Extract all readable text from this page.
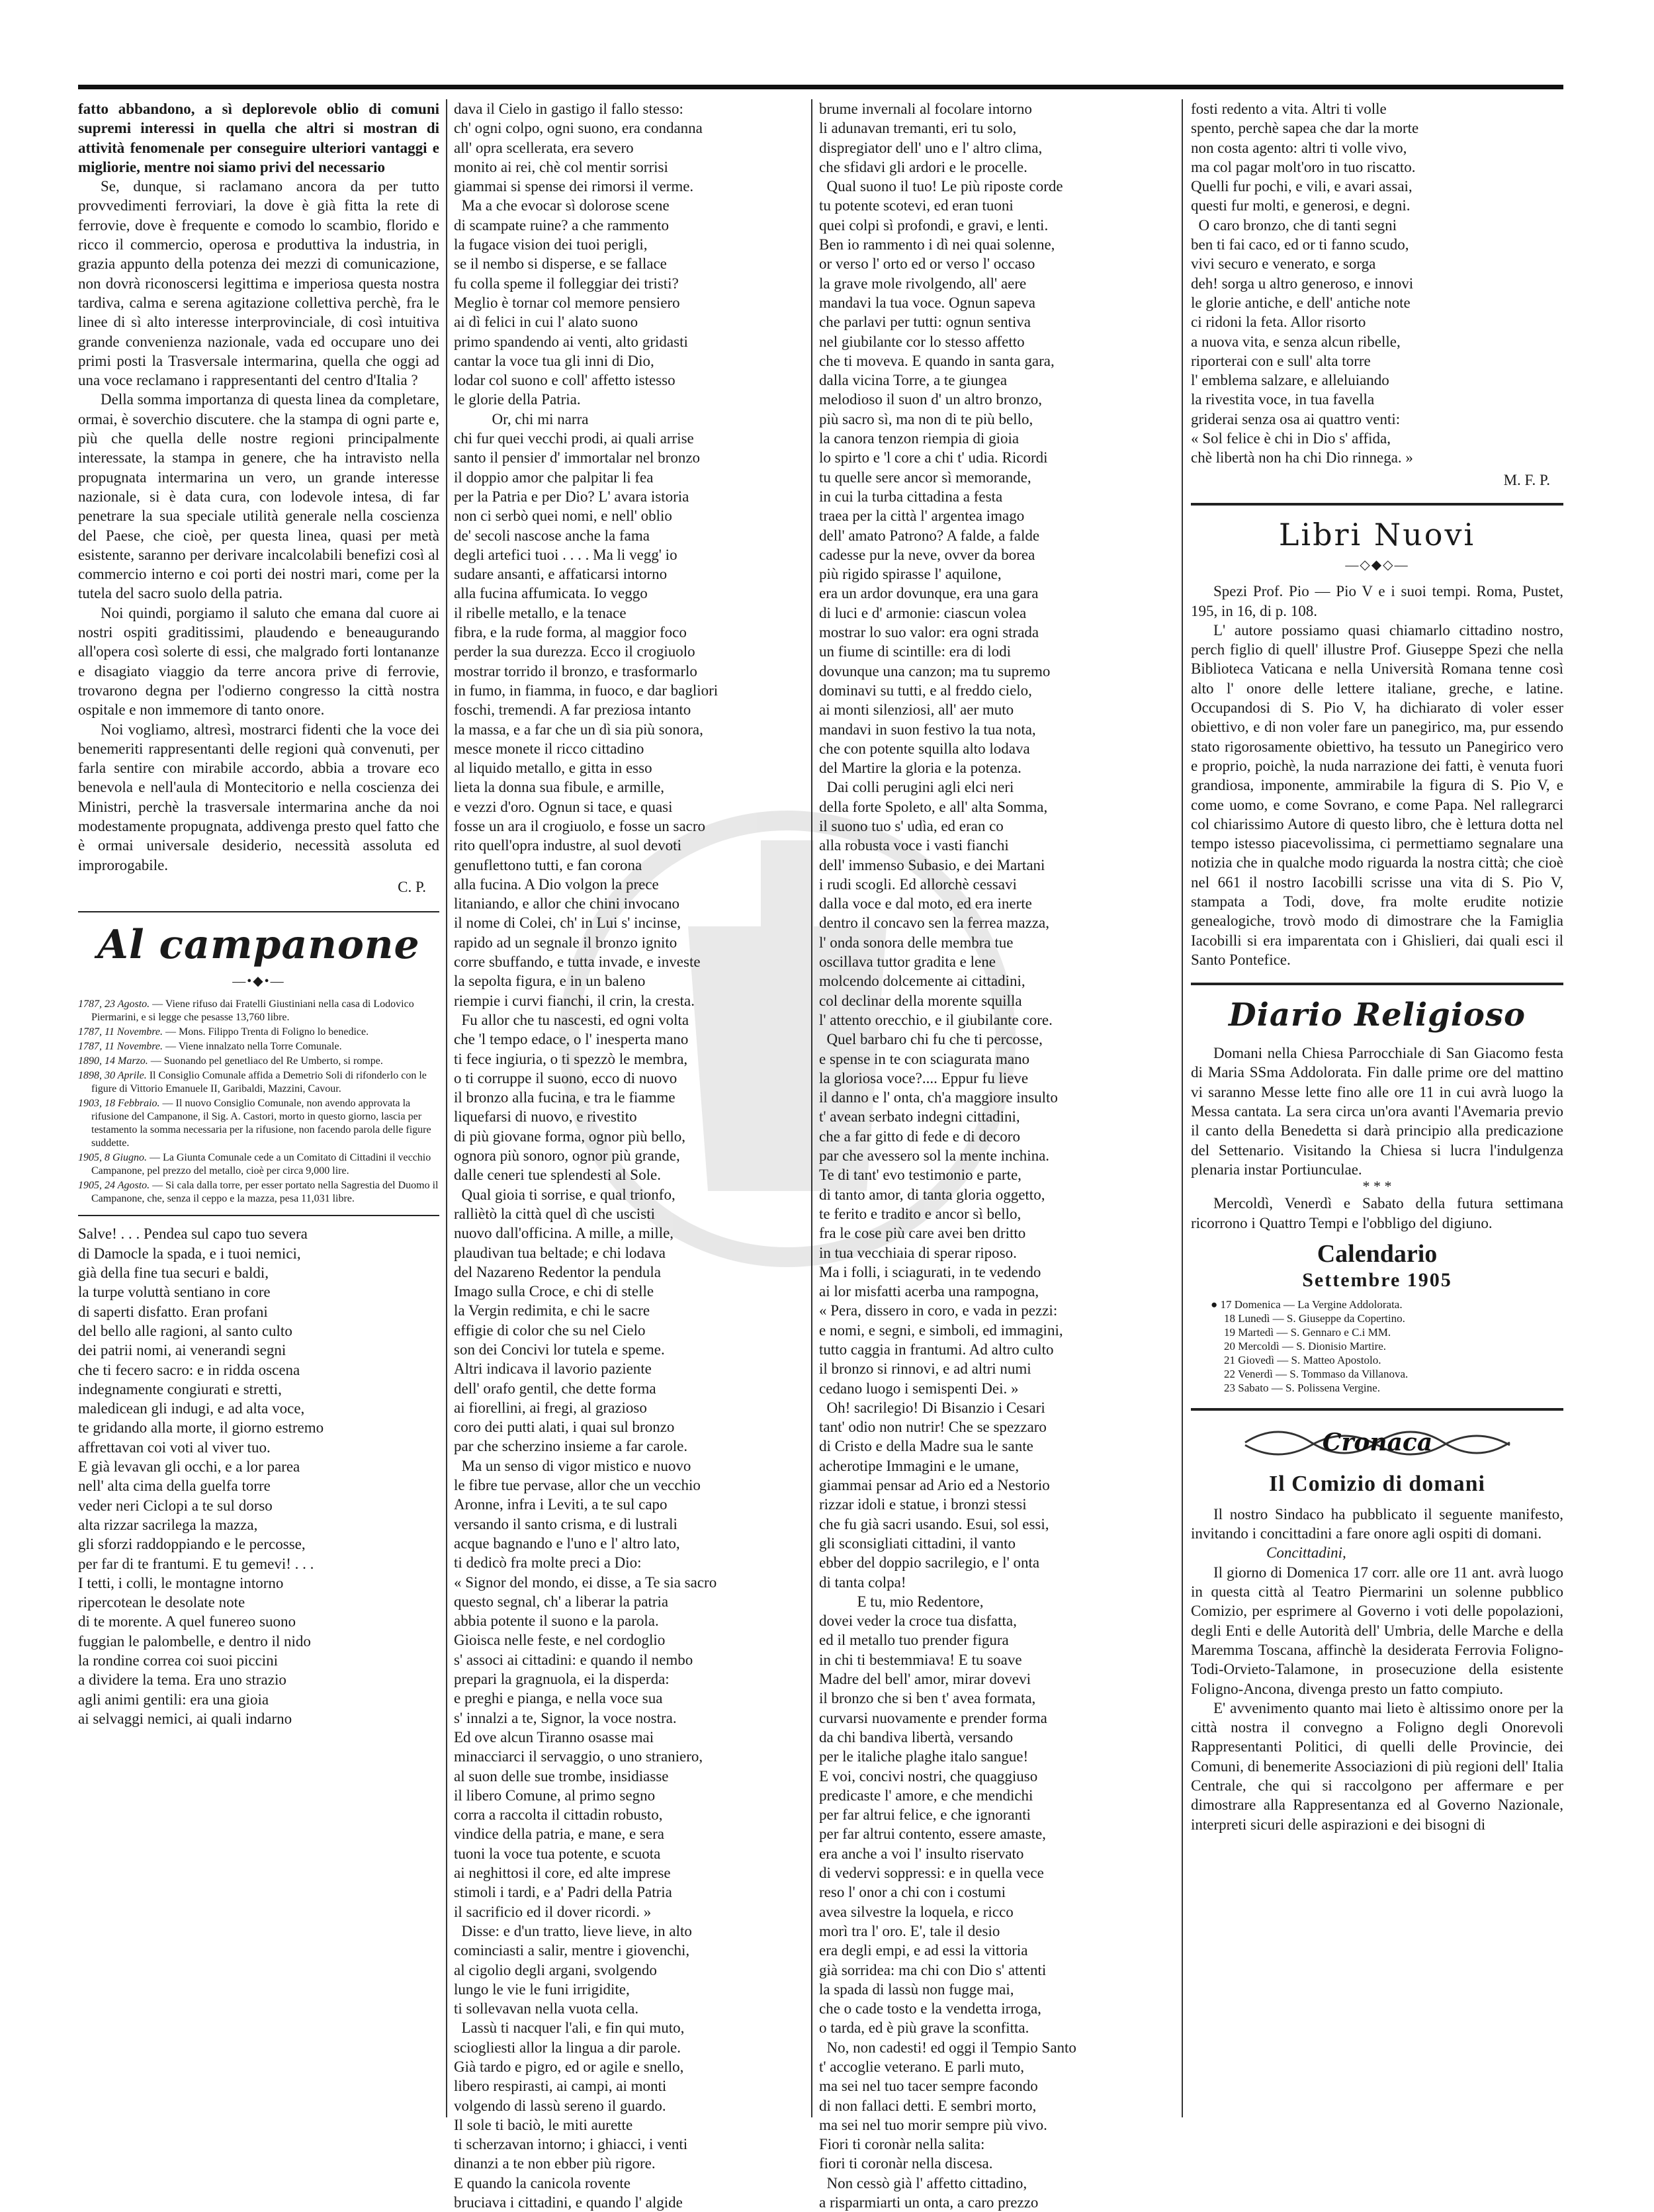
fatto abbandono, a sì deplorevole oblio di comuni supremi interessi in quella che altri si mostran di attività fenomenale per conseguire ulteriori vantaggi e migliorie, mentre noi siamo privi del necessario

Se, dunque, si raclamano ancora da per tutto provvedimenti ferroviari, la dove è già fitta la rete di ferrovie, dove è frequente e comodo lo scambio, florido e ricco il commercio, operosa e produttiva la industria, in grazia appunto della potenza dei mezzi di comunicazione, non dovrà riconoscersi legittima e imperiosa questa nostra tardiva, calma e serena agitazione collettiva perchè, fra le linee di sì alto interesse interprovinciale, di così intuitiva grande convenienza nazionale, vada ed occupare uno dei primi posti la Trasversale intermarina, quella che oggi ad una voce reclamano i rappresentanti del centro d'Italia ?

Della somma importanza di questa linea da completare, ormai, è soverchio discutere. che la stampa di ogni parte e, più che quella delle nostre regioni principalmente interessate, la stampa in genere, che ha intravisto nella propugnata intermarina un vero, un grande interesse nazionale, si è data cura, con lodevole intesa, di far penetrare la sua speciale utilità generale nella coscienza del Paese, che cioè, per questa linea, quasi per metà esistente, saranno per derivare incalcolabili benefizi così al commercio interno e coi porti dei nostri mari, come per la tutela del sacro suolo della patria.

Noi quindi, porgiamo il saluto che emana dal cuore ai nostri ospiti graditissimi, plaudendo e beneaugurando all'opera così solerte di essi, che malgrado forti lontananze e disagiato viaggio da terre ancora prive di ferrovie, trovarono degna per l'odierno congresso la città nostra ospitale e non immemore di tanto onore.

Noi vogliamo, altresì, mostrarci fidenti che la voce dei benemeriti rappresentanti delle regioni quà convenuti, per farla sentire con mirabile accordo, abbia a trovare eco benevola e nell'aula di Montecitorio e nella coscienza dei Ministri, perchè la trasversale intermarina anche da noi modestamente propugnata, addivenga presto quel fatto che è ormai universale desiderio, necessità assoluta ed improrogabile.

C. P.
Al campanone
—•◆•—
1787, 23 Agosto. — Viene rifuso dai Fratelli Giustiniani nella casa di Lodovico Piermarini, e si legge che pesasse 13,760 libre.
1787, 11 Novembre. — Mons. Filippo Trenta di Foligno lo benedice.
1787, 11 Novembre. — Viene innalzato nella Torre Comunale.
1890, 14 Marzo. — Suonando pel genetliaco del Re Umberto, si rompe.
1898, 30 Aprile. Il Consiglio Comunale affida a Demetrio Soli di rifonderlo con le figure di Vittorio Emanuele II, Garibaldi, Mazzini, Cavour.
1903, 18 Febbraio. — Il nuovo Consiglio Comunale, non avendo approvata la rifusione del Campanone, il Sig. A. Castori, morto in questo giorno, lascia per testamento la somma necessaria per la rifusione, non facendo parola delle figure suddette.
1905, 8 Giugno. — La Giunta Comunale cede a un Comitato di Cittadini il vecchio Campanone, pel prezzo del metallo, cioè per circa 9,000 lire.
1905, 24 Agosto. — Si cala dalla torre, per esser portato nella Sagrestia del Duomo il Campanone, che, senza il ceppo e la mazza, pesa 11,031 libre.

Salve! . . . Pendea sul capo tuo severa

di Damocle la spada, e i tuoi nemici,

già della fine tua securi e baldi,

la turpe voluttà sentiano in core

di saperti disfatto. Eran profani

del bello alle ragioni, al santo culto

dei patrii nomi, ai venerandi segni

che ti fecero sacro: e in ridda oscena

indegnamente congiurati e stretti,

maledicean gli indugi, e ad alta voce,

te gridando alla morte, il giorno estremo

affrettavan coi voti al viver tuo.

E già levavan gli occhi, e a lor parea

nell' alta cima della guelfa torre

veder neri Ciclopi a te sul dorso

alta rizzar sacrilega la mazza,

gli sforzi raddoppiando e le percosse,

per far di te frantumi. E tu gemevi! . . .

I tetti, i colli, le montagne intorno

ripercotean le desolate note

di te morente. A quel funereo suono

fuggian le palombelle, e dentro il nido

la rondine correa coi suoi piccini

a dividere la tema. Era uno strazio

agli animi gentili: era una gioia

ai selvaggi nemici, ai quali indarno

dava il Cielo in gastigo il fallo stesso:

ch' ogni colpo, ogni suono, era condanna

all' opra scellerata, era severo

monito ai rei, chè col mentir sorrisi

giammai si spense dei rimorsi il verme.

Ma a che evocar sì dolorose scene

di scampate ruine? a che rammento

la fugace vision dei tuoi perigli,

se il nembo si disperse, e se fallace

fu colla speme il folleggiar dei tristi?

Meglio è tornar col memore pensiero

ai dì felici in cui l' alato suono

primo spandendo ai venti, alto gridasti

cantar la voce tua gli inni di Dio,

lodar col suono e coll' affetto istesso

le glorie della Patria.

Or, chi mi narra

chi fur quei vecchi prodi, ai quali arrise

santo il pensier d' immortalar nel bronzo

il doppio amor che palpitar li fea

per la Patria e per Dio? L' avara istoria

non ci serbò quei nomi, e nell' oblio

de' secoli nascose anche la fama

degli artefici tuoi . . . . Ma li vegg' io

sudare ansanti, e affaticarsi intorno

alla fucina affumicata. Io veggo

il ribelle metallo, e la tenace

fibra, e la rude forma, al maggior foco

perder la sua durezza. Ecco il crogiuolo

mostrar torrido il bronzo, e trasformarlo

in fumo, in fiamma, in fuoco, e dar bagliori

foschi, tremendi. A far preziosa intanto

la massa, e a far che un dì sia più sonora,

mesce monete il ricco cittadino

al liquido metallo, e gitta in esso

lieta la donna sua fibule, e armille,

e vezzi d'oro. Ognun si tace, e quasi

fosse un ara il crogiuolo, e fosse un sacro

rito quell'opra industre, al suol devoti

genuflettono tutti, e fan corona

alla fucina. A Dio volgon la prece

litaniando, e allor che chini invocano

il nome di Colei, ch' in Lui s' incinse,

rapido ad un segnale il bronzo ignito

corre sbuffando, e tutta invade, e investe

la sepolta figura, e in un baleno

riempie i curvi fianchi, il crin, la cresta.

Fu allor che tu nascesti, ed ogni volta

che 'l tempo edace, o l' inesperta mano

ti fece ingiuria, o ti spezzò le membra,

o ti corruppe il suono, ecco di nuovo

il bronzo alla fucina, e tra le fiamme

liquefarsi di nuovo, e rivestito

di più giovane forma, ognor più bello,

ognora più sonoro, ognor più grande,

dalle ceneri tue splendesti al Sole.

Qual gioia ti sorrise, e qual trionfo,

ralliètò la città quel dì che uscisti

nuovo dall'officina. A mille, a mille,

plaudivan tua beltade; e chi lodava

del Nazareno Redentor la pendula

Imago sulla Croce, e chi di stelle

la Vergin redimita, e chi le sacre

effigie di color che su nel Cielo

son dei Concivi lor tutela e speme.

Altri indicava il lavorio paziente

dell' orafo gentil, che dette forma

ai fiorellini, ai fregi, al grazioso

coro dei putti alati, i quai sul bronzo

par che scherzino insieme a far carole.

Ma un senso di vigor mistico e nuovo

le fibre tue pervase, allor che un vecchio

Aronne, infra i Leviti, a te sul capo

versando il santo crisma, e di lustrali

acque bagnando e l'uno e l' altro lato,

ti dedicò fra molte preci a Dio:

« Signor del mondo, ei disse, a Te sia sacro

questo segnal, ch' a liberar la patria

abbia potente il suono e la parola.

Gioisca nelle feste, e nel cordoglio

s' associ ai cittadini: e quando il nembo

prepari la gragnuola, ei la disperda:

e preghi e pianga, e nella voce sua

s' innalzi a te, Signor, la voce nostra.

Ed ove alcun Tiranno osasse mai

minacciarci il servaggio, o uno straniero,

al suon delle sue trombe, insidiasse

il libero Comune, al primo segno

corra a raccolta il cittadin robusto,

vindice della patria, e mane, e sera

tuoni la voce tua potente, e scuota

ai neghittosi il core, ed alte imprese

stimoli i tardi, e a' Padri della Patria

il sacrificio ed il dover ricordi. »

Disse: e d'un tratto, lieve lieve, in alto

cominciasti a salir, mentre i giovenchi,

al cigolio degli argani, svolgendo

lungo le vie le funi irrigidite,

ti sollevavan nella vuota cella.

Lassù ti nacquer l'ali, e fin qui muto,

sciogliesti allor la lingua a dir parole.

Già tardo e pigro, ed or agile e snello,

libero respirasti, ai campi, ai monti

volgendo di lassù sereno il guardo.

Il sole ti baciò, le miti aurette

ti scherzavan intorno; i ghiacci, i venti

dinanzi a te non ebber più rigore.

E quando la canicola rovente

bruciava i cittadini, e quando l' algide

brume invernali al focolare intorno

li adunavan tremanti, eri tu solo,

dispregiator dell' uno e l' altro clima,

che sfidavi gli ardori e le procelle.

Qual suono il tuo! Le più riposte corde

tu potente scotevi, ed eran tuoni

quei colpi sì profondi, e gravi, e lenti.

Ben io rammento i dì nei quai solenne,

or verso l' orto ed or verso l' occaso

la grave mole rivolgendo, all' aere

mandavi la tua voce. Ognun sapeva

che parlavi per tutti: ognun sentiva

nel giubilante cor lo stesso affetto

che ti moveva. E quando in santa gara,

dalla vicina Torre, a te giungea

melodioso il suon d' un altro bronzo,

più sacro sì, ma non di te più bello,

la canora tenzon riempia di gioia

lo spirto e 'l core a chi t' udia. Ricordi

tu quelle sere ancor sì memorande,

in cui la turba cittadina a festa

traea per la città l' argentea imago

dell' amato Patrono? A falde, a falde

cadesse pur la neve, ovver da borea

più rigido spirasse l' aquilone,

era un ardor dovunque, era una gara

di luci e d' armonie: ciascun volea

mostrar lo suo valor: era ogni strada

un fiume di scintille: era di lodi

dovunque una canzon; ma tu supremo

dominavi su tutti, e al freddo cielo,

ai monti silenziosi, all' aer muto

mandavi in suon festivo la tua nota,

che con potente squilla alto lodava

del Martire la gloria e la potenza.

Dai colli perugini agli elci neri

della forte Spoleto, e all' alta Somma,

il suono tuo s' udìa, ed eran co

alla robusta voce i vasti fianchi

dell' immenso Subasio, e dei Martani

i rudi scogli. Ed allorchè cessavi

dalla voce e dal moto, ed era inerte

dentro il concavo sen la ferrea mazza,

l' onda sonora delle membra tue

oscillava tuttor gradita e lene

molcendo dolcemente ai cittadini,

col declinar della morente squilla

l' attento orecchio, e il giubilante core.

Quel barbaro chi fu che ti percosse,

e spense in te con sciagurata mano

la gloriosa voce?.... Eppur fu lieve

il danno e l' onta, ch'a maggiore insulto

t' avean serbato indegni cittadini,

che a far gitto di fede e di decoro

par che avessero sol la mente inchina.

Te di tant' evo testimonio e parte,

di tanto amor, di tanta gloria oggetto,

te ferito e tradito e ancor sì bello,

fra le cose più care avei ben dritto

in tua vecchiaia di sperar riposo.

Ma i folli, i sciagurati, in te vedendo

ai lor misfatti acerba una rampogna,

« Pera, dissero in coro, e vada in pezzi:

e nomi, e segni, e simboli, ed immagini,

tutto caggia in frantumi. Ad altro culto

il bronzo si rinnovi, e ad altri numi

cedano luogo i semispenti Dei. »

Oh! sacrilegio! Di Bisanzio i Cesari

tant' odio non nutrir! Che se spezzaro

di Cristo e della Madre sua le sante

acherotipe Immagini e le umane,

giammai pensar ad Ario ed a Nestorio

rizzar idoli e statue, i bronzi stessi

che fu già sacri usando. Esui, sol essi,

gli sconsigliati cittadini, il vanto

ebber del doppio sacrilegio, e l' onta

di tanta colpa!

E tu, mio Redentore,

dovei veder la croce tua disfatta,

ed il metallo tuo prender figura

in chi ti bestemmiava! E tu soave

Madre del bell' amor, mirar dovevi

il bronzo che si ben t' avea formata,

curvarsi nuovamente e prender forma

da chi bandiva libertà, versando

per le italiche plaghe italo sangue!

E voi, concivi nostri, che quaggiuso

predicaste l' amore, e che mendichi

per far altrui felice, e che ignoranti

per far altrui contento, essere amaste,

era anche a voi l' insulto riservato

di vedervi soppressi: e in quella vece

reso l' onor a chi con i costumi

avea silvestre la loquela, e ricco

morì tra l' oro. E', tale il desio

era degli empi, e ad essi la vittoria

già sorridea: ma chi con Dio s' attenti

la spada di lassù non fugge mai,

che o cade tosto e la vendetta irroga,

o tarda, ed è più grave la sconfitta.

No, non cadesti! ed oggi il Tempio Santo

t' accoglie veterano. E parli muto,

ma sei nel tuo tacer sempre facondo

di non fallaci detti. E sembri morto,

ma sei nel tuo morir sempre più vivo.

Fiori ti coronàr nella salita:

fiori ti coronàr nella discesa.

Non cessò già l' affetto cittadino,

a risparmiarti un onta, a caro prezzo

fosti redento a vita. Altri ti volle

spento, perchè sapea che dar la morte

non costa agento: altri ti volle vivo,

ma col pagar molt'oro in tuo riscatto.

Quelli fur pochi, e vili, e avari assai,

questi fur molti, e generosi, e degni.

O caro bronzo, che di tanti segni

ben ti fai caco, ed or ti fanno scudo,

vivi securo e venerato, e sorga

deh! sorga u altro generoso, e innovi

le glorie antiche, e dell' antiche note

ci ridoni la feta. Allor risorto

a nuova vita, e senza alcun ribelle,

riporterai con e sull' alta torre

l' emblema salzare, e alleluiando

la rivestita voce, in tua favella

griderai senza osa ai quattro venti:

« Sol felice è chi in Dio s' affida,

chè libertà non ha chi Dio rinnega. »

M. F. P.
Libri Nuovi
—◇◆◇—

Spezi Prof. Pio — Pio V e i suoi tempi. Roma, Pustet, 195, in 16, di p. 108.

L' autore possiamo quasi chiamarlo cittadino nostro, perch figlio di quell' illustre Prof. Giuseppe Spezi che nella Biblioteca Vaticana e nella Università Romana tenne così alto l' onore delle lettere italiane, greche, e latine. Occupandosi di S. Pio V, ha dichiarato di voler esser obiettivo, e di non voler fare un panegirico, ma, pur essendo stato rigorosamente obiettivo, ha tessuto un Panegirico vero e proprio, poichè, la nuda narrazione dei fatti, è venuta fuori grandiosa, imponente, ammirabile la figura di S. Pio V, e come uomo, e come Sovrano, e come Papa. Nel rallegrarci col chiarissimo Autore di questo libro, che è lettura dotta nel tempo istesso piacevolissima, ci permettiamo segnalare una notizia che in qualche modo riguarda la nostra città; che cioè nel 661 il nostro Iacobilli scrisse una vita di S. Pio V, stampata a Todi, dove, fra molte erudite notizie genealogiche, trovò modo di dimostrare che la Famiglia Iacobilli si era imparentata con i Ghislieri, dai quali esci il Santo Pontefice.

Diario Religioso

Domani nella Chiesa Parrocchiale di San Giacomo festa di Maria SSma Addolorata. Fin dalle prime ore del mattino vi saranno Messe lette fino alle ore 11 in cui avrà luogo la Messa cantata. La sera circa un'ora avanti l'Avemaria previo il canto della Benedetta si darà principio alla predicazione del Settenario. Visitando la Chiesa si lucra l'indulgenza plenaria instar Portiunculae.

* * *

Mercoldì, Venerdì e Sabato della futura settimana ricorrono i Quattro Tempi e l'obbligo del digiuno.

Calendario
Settembre 1905
● 17 Domenica — La Vergine Addolorata.
18 Lunedì — S. Giuseppe da Copertino.
19 Martedì — S. Gennaro e C.i MM.
20 Mercoldì — S. Dionisio Martire.
21 Giovedì — S. Matteo Apostolo.
22 Venerdì — S. Tommaso da Villanova.
23 Sabato — S. Polissena Vergine.
Cronaca
Il Comizio di domani

Il nostro Sindaco ha pubblicato il seguente manifesto, invitando i concittadini a fare onore agli ospiti di domani.

Concittadini,

Il giorno di Domenica 17 corr. alle ore 11 ant. avrà luogo in questa città al Teatro Piermarini un solenne pubblico Comizio, per esprimere al Governo i voti delle popolazioni, degli Enti e delle Autorità dell' Umbria, delle Marche e della Maremma Toscana, affinchè la desiderata Ferrovia Foligno-Todi-Orvieto-Talamone, in prosecuzione della esistente Foligno-Ancona, divenga presto un fatto compiuto.

E' avvenimento quanto mai lieto è altissimo onore per la città nostra il convegno a Foligno degli Onorevoli Rappresentanti Politici, di quelli delle Provincie, dei Comuni, di benemerite Associazioni di più regioni dell' Italia Centrale, che qui si raccolgono per affermare e per dimostrare alla Rappresentanza ed al Governo Nazionale, interpreti sicuri delle aspirazioni e dei bisogni di
